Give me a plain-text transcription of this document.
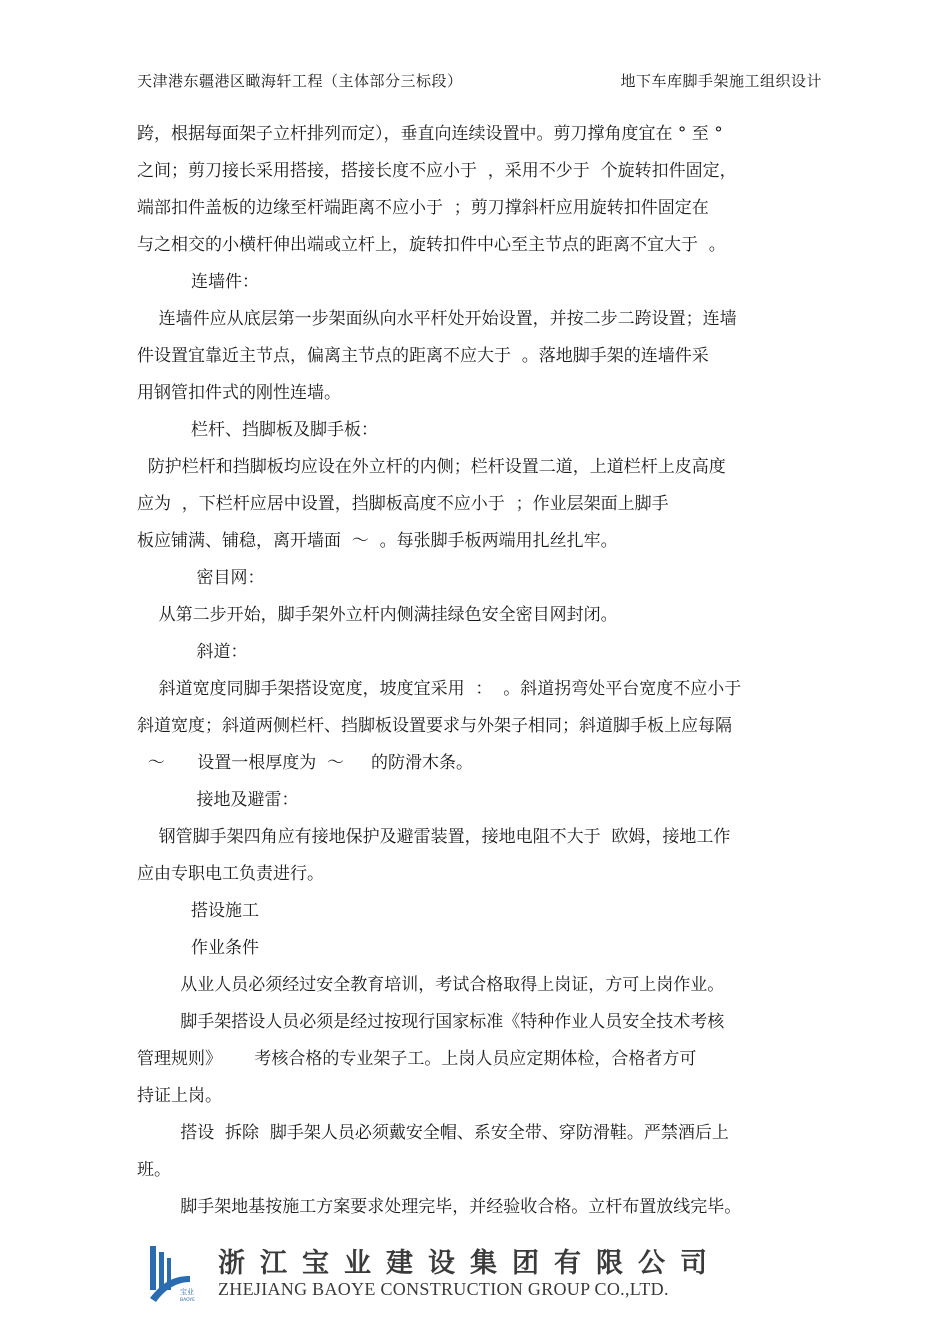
天津港东疆港区瞰海轩工程（主体部分三标段）	地下车库脚手架施工组织设计
跨，根据每面架子立杆排列而定），垂直向连续设置中。剪刀撑角度宜在 ° 至 °
之间；剪刀接长采用搭接，搭接长度不应小于  ，采用不少于  个旋转扣件固定，
端部扣件盖板的边缘至杆端距离不应小于  ；剪刀撑斜杆应用旋转扣件固定在
与之相交的小横杆伸出端或立杆上，旋转扣件中心至主节点的距离不宜大于  。
连墙件：
连墙件应从底层第一步架面纵向水平杆处开始设置，并按二步二跨设置；连墙
件设置宜靠近主节点，偏离主节点的距离不应大于  。落地脚手架的连墙件采
用钢管扣件式的刚性连墙。
栏杆、挡脚板及脚手板：
防护栏杆和挡脚板均应设在外立杆的内侧；栏杆设置二道，上道栏杆上皮高度
应为  ，下栏杆应居中设置，挡脚板高度不应小于  ；作业层架面上脚手
板应铺满、铺稳，离开墙面  ～  。每张脚手板两端用扎丝扎牢。
密目网：
从第二步开始，脚手架外立杆内侧满挂绿色安全密目网封闭。
斜道：
斜道宽度同脚手架搭设宽度，坡度宜采用  ：  。斜道拐弯处平台宽度不应小于
斜道宽度；斜道两侧栏杆、挡脚板设置要求与外架子相同；斜道脚手板上应每隔
～      设置一根厚度为  ～     的防滑木条。
接地及避雷：
钢管脚手架四角应有接地保护及避雷装置，接地电阻不大于  欧姆，接地工作
应由专职电工负责进行。
搭设施工
作业条件
从业人员必须经过安全教育培训，考试合格取得上岗证，方可上岗作业。
脚手架搭设人员必须是经过按现行国家标准《特种作业人员安全技术考核
管理规则》      考核合格的专业架子工。上岗人员应定期体检，合格者方可
持证上岗。
搭设  拆除  脚手架人员必须戴安全帽、系安全带、穿防滑鞋。严禁酒后上
班。
脚手架地基按施工方案要求处理完毕，并经验收合格。立杆布置放线完毕。
宝业
BAOYE
浙江宝业建设集团有限公司
ZHEJIANG BAOYE CONSTRUCTION GROUP CO.,LTD.
